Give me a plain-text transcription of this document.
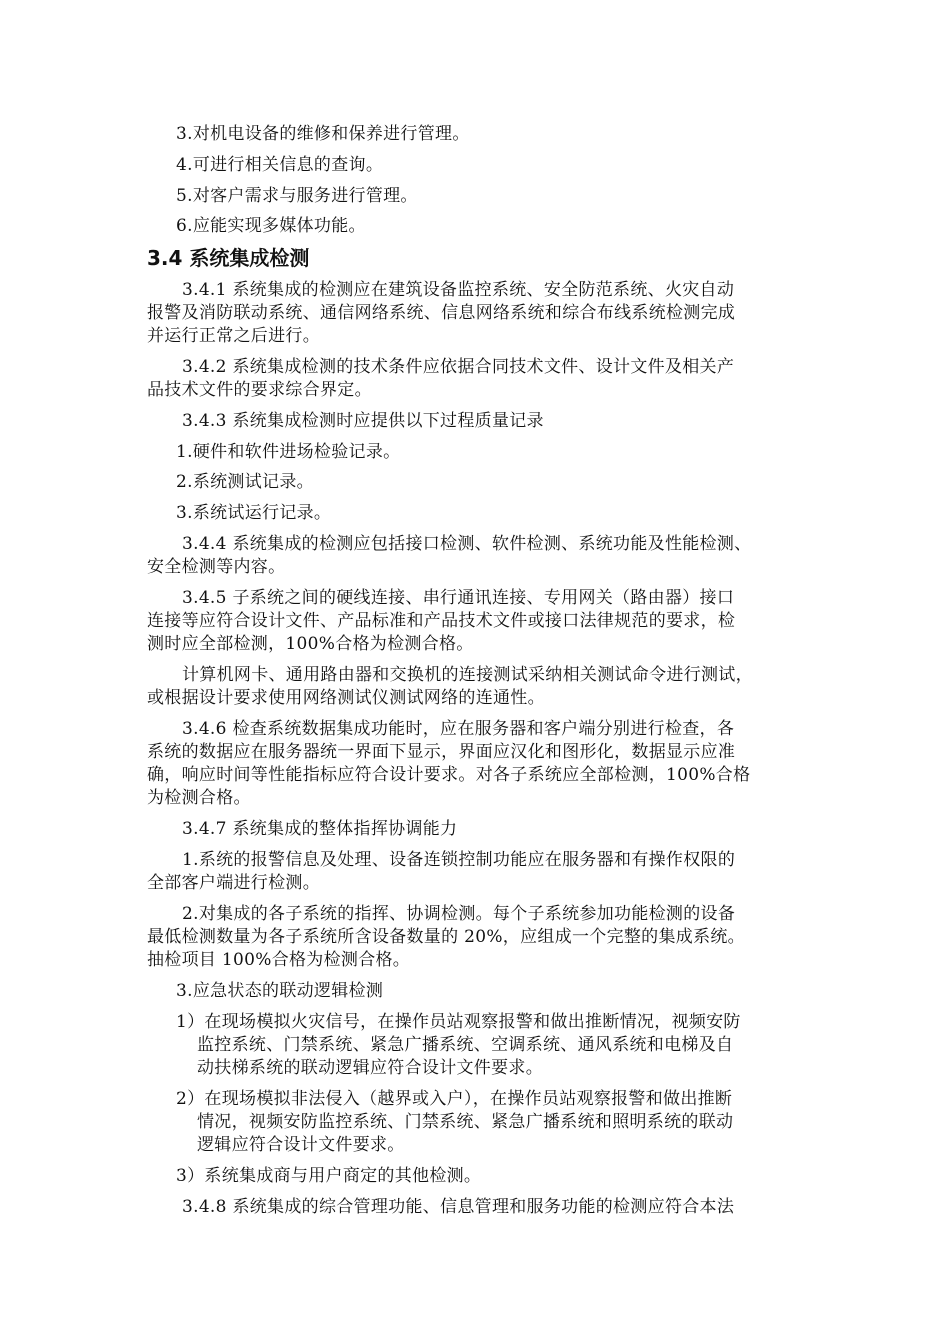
3.对机电设备的维修和保养进行管理。
4.可进行相关信息的查询。
5.对客户需求与服务进行管理。
6.应能实现多媒体功能。
3.4 系统集成检测
3.4.1 系统集成的检测应在建筑设备监控系统、安全防范系统、火灾自动
报警及消防联动系统、通信网络系统、信息网络系统和综合布线系统检测完成
并运行正常之后进行。
3.4.2 系统集成检测的技术条件应依据合同技术文件、设计文件及相关产
品技术文件的要求综合界定。
3.4.3 系统集成检测时应提供以下过程质量记录
1.硬件和软件进场检验记录。
2.系统测试记录。
3.系统试运行记录。
3.4.4 系统集成的检测应包括接口检测、软件检测、系统功能及性能检测、
安全检测等内容。
3.4.5 子系统之间的硬线连接、串行通讯连接、专用网关（路由器）接口
连接等应符合设计文件、产品标准和产品技术文件或接口法律规范的要求，检
测时应全部检测，100%合格为检测合格。
计算机网卡、通用路由器和交换机的连接测试采纳相关测试命令进行测试，
或根据设计要求使用网络测试仪测试网络的连通性。
3.4.6 检查系统数据集成功能时，应在服务器和客户端分别进行检查，各
系统的数据应在服务器统一界面下显示，界面应汉化和图形化，数据显示应准
确，响应时间等性能指标应符合设计要求。对各子系统应全部检测，100%合格
为检测合格。
3.4.7 系统集成的整体指挥协调能力
1.系统的报警信息及处理、设备连锁控制功能应在服务器和有操作权限的
全部客户端进行检测。
2.对集成的各子系统的指挥、协调检测。每个子系统参加功能检测的设备
最低检测数量为各子系统所含设备数量的 20%，应组成一个完整的集成系统。
抽检项目 100%合格为检测合格。
3.应急状态的联动逻辑检测
1）在现场模拟火灾信号，在操作员站观察报警和做出推断情况，视频安防
监控系统、门禁系统、紧急广播系统、空调系统、通风系统和电梯及自
动扶梯系统的联动逻辑应符合设计文件要求。
2）在现场模拟非法侵入（越界或入户），在操作员站观察报警和做出推断
情况，视频安防监控系统、门禁系统、紧急广播系统和照明系统的联动
逻辑应符合设计文件要求。
3）系统集成商与用户商定的其他检测。
3.4.8 系统集成的综合管理功能、信息管理和服务功能的检测应符合本法
